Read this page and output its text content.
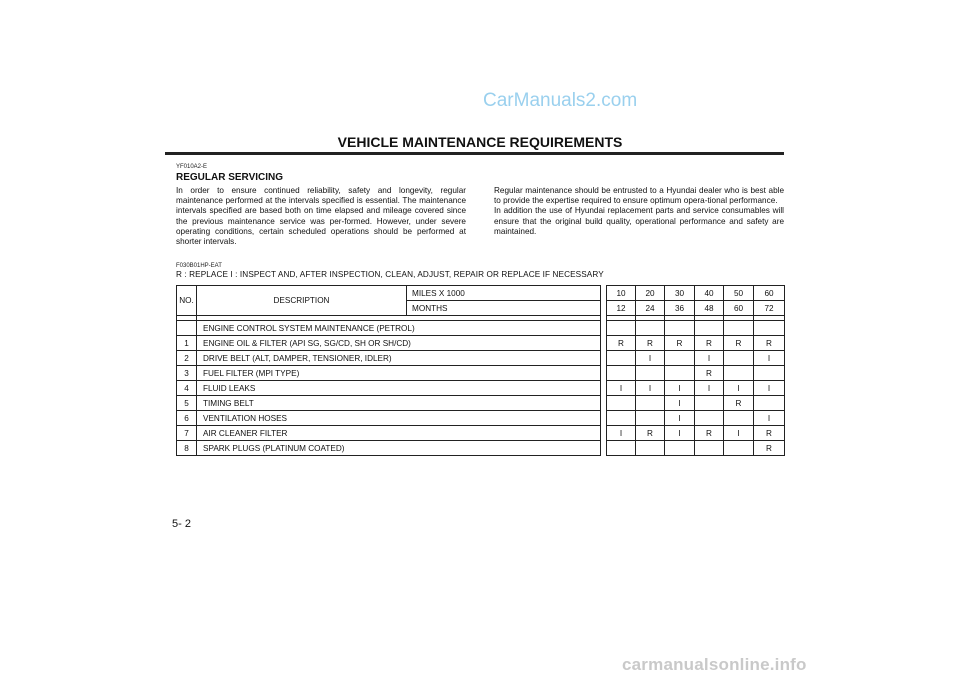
CarManuals2.com
VEHICLE MAINTENANCE REQUIREMENTS
YF010A2-E
REGULAR SERVICING
In order to ensure continued reliability, safety and longevity, regular maintenance performed at the intervals specified is essential. The maintenance intervals specified are based both on time elapsed and mileage covered since the previous maintenance service was per-formed. However, under severe operating conditions, certain scheduled operations should be performed at shorter intervals.
Regular maintenance should be entrusted to a Hyundai dealer who is best able to provide the expertise required to ensure optimum opera-tional performance.
In addition the use of Hyundai replacement parts and service consumables will ensure that the original build quality, operational performance and safety are maintained.
F030B01HP-EAT
R : REPLACE I : INSPECT AND, AFTER INSPECTION, CLEAN, ADJUST, REPAIR OR REPLACE IF NECESSARY
NO.	DESCRIPTION	MILES X 1000		10	20	30	40	50	60
		MONTHS		12	24	36	48	60	72

	ENGINE CONTROL SYSTEM MAINTENANCE (PETROL)								
1	ENGINE OIL & FILTER (API SG, SG/CD, SH OR SH/CD)			R	R	R	R	R	R
2	DRIVE BELT (ALT, DAMPER, TENSIONER, IDLER)				I		I		I
3	FUEL FILTER (MPI TYPE)						R		
4	FLUID LEAKS			I	I	I	I	I	I
5	TIMING BELT					I		R	
6	VENTILATION HOSES					I			I
7	AIR CLEANER FILTER			I	R	I	R	I	R
8	SPARK PLUGS (PLATINUM COATED)								R
5- 2
carmanualsonline.info
